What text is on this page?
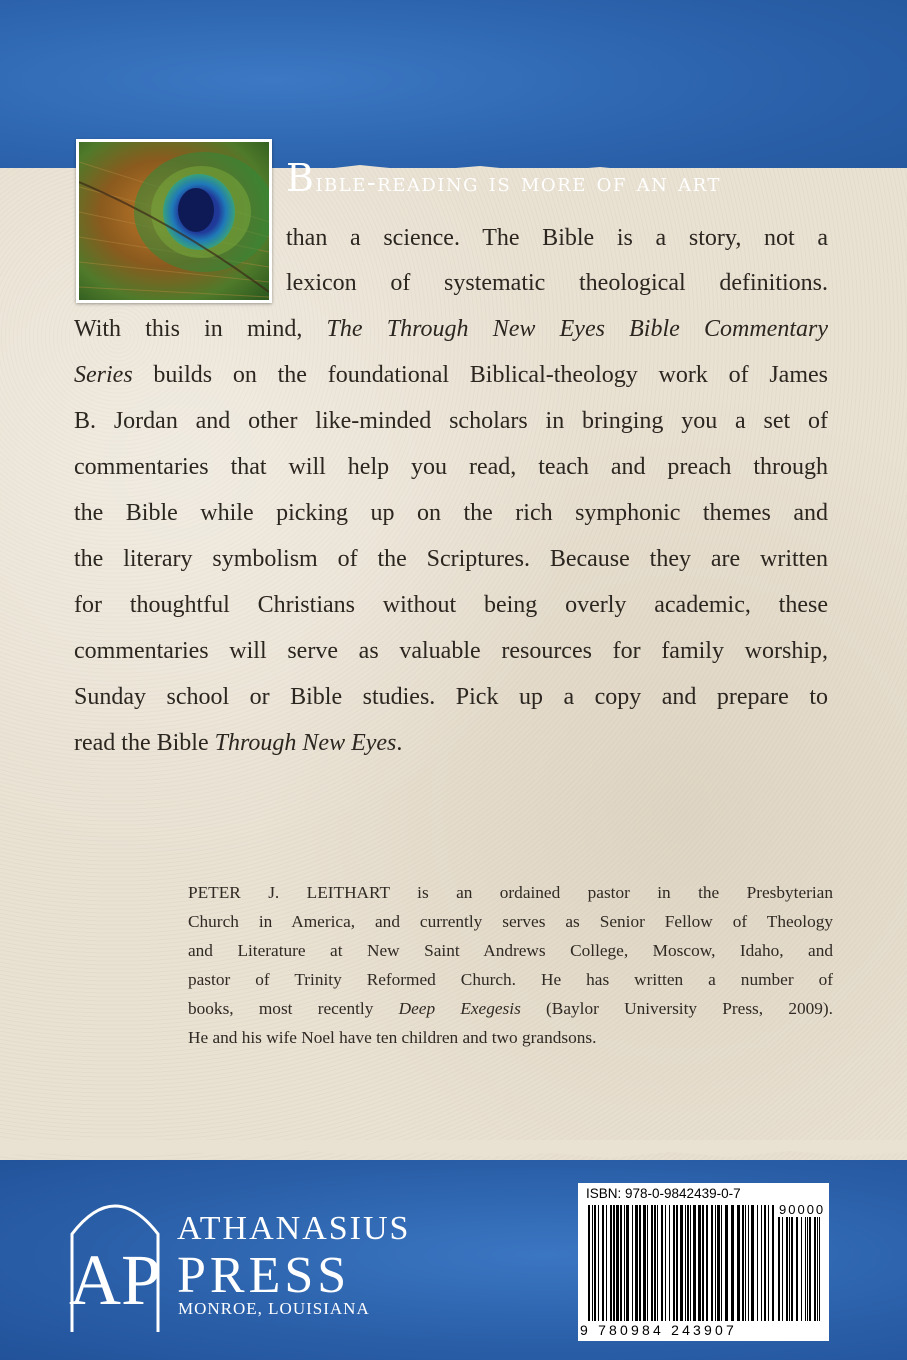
Bible-reading is more of an art
than a science. The Bible is a story, not a
lexicon of systematic theological definitions.
With this in mind, The Through New Eyes Bible Commentary
Series builds on the foundational Biblical-theology work of James
B. Jordan and other like-minded scholars in bringing you a set of
commentaries that will help you read, teach and preach through
the Bible while picking up on the rich symphonic themes and
the literary symbolism of the Scriptures. Because they are written
for thoughtful Christians without being overly academic, these
commentaries will serve as valuable resources for family worship,
Sunday school or Bible studies. Pick up a copy and prepare to
read the Bible Through New Eyes.
PETER J. LEITHART is an ordained pastor in the Presbyterian
Church in America, and currently serves as Senior Fellow of Theology
and Literature at New Saint Andrews College, Moscow, Idaho, and
pastor of Trinity Reformed Church. He has written a number of
books, most recently Deep Exegesis (Baylor University Press, 2009).
He and his wife Noel have ten children and two grandsons.
AP
ATHANASIUS
PRESS
MONROE, LOUISIANA
ISBN: 978-0-9842439-0-7
90000
9 780984 243907
